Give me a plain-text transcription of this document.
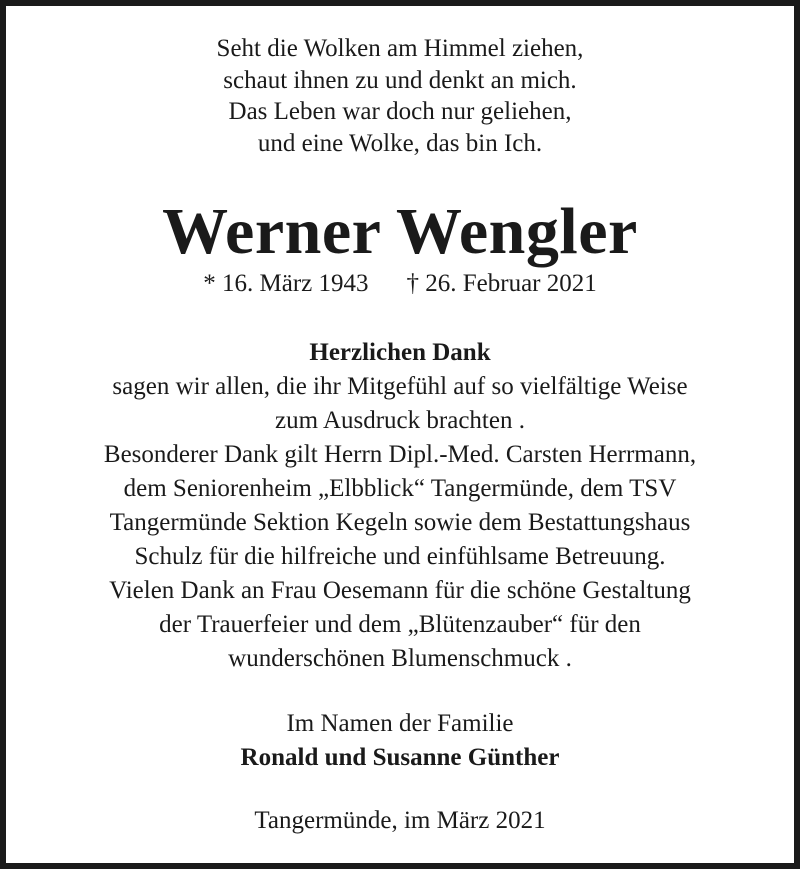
Seht die Wolken am Himmel ziehen,
schaut ihnen zu und denkt an mich.
Das Leben war doch nur geliehen,
und eine Wolke, das bin Ich.
Werner Wengler
* 16. März 1943 † 26. Februar 2021
Herzlichen Dank
sagen wir allen, die ihr Mitgefühl auf so vielfältige Weise
zum Ausdruck brachten .
Besonderer Dank gilt Herrn Dipl.-Med. Carsten Herrmann,
dem Seniorenheim „Elbblick“ Tangermünde, dem TSV
Tangermünde Sektion Kegeln sowie dem Bestattungshaus
Schulz für die hilfreiche und einfühlsame Betreuung.
Vielen Dank an Frau Oesemann für die schöne Gestaltung
der Trauerfeier und dem „Blütenzauber“ für den
wunderschönen Blumenschmuck .
Im Namen der Familie
Ronald und Susanne Günther
Tangermünde, im März 2021
